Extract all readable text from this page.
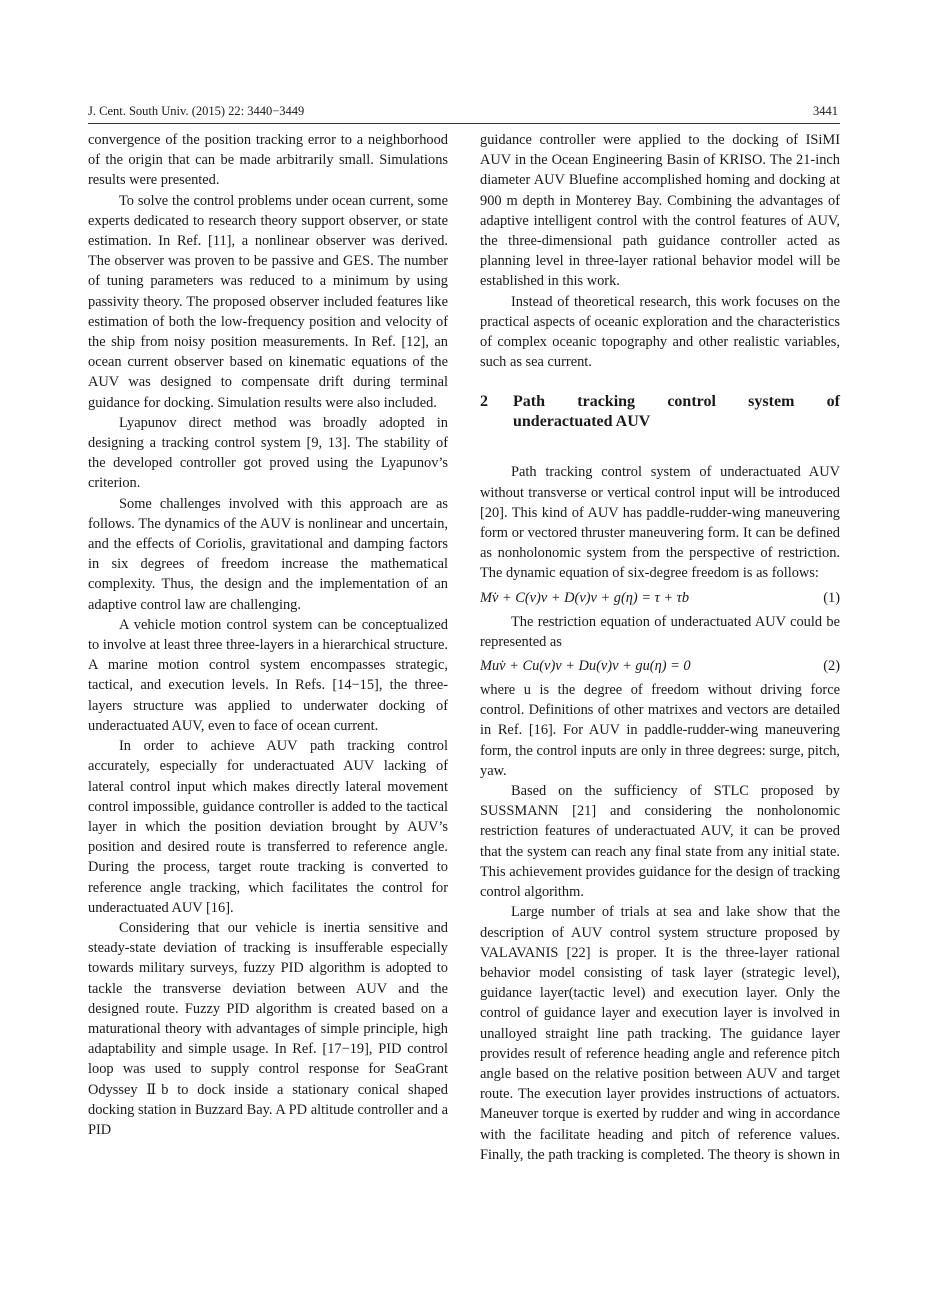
J. Cent. South Univ. (2015) 22: 3440−3449	3441

convergence of the position tracking error to a neighborhood of the origin that can be made arbitrarily small. Simulations results were presented.

To solve the control problems under ocean current, some experts dedicated to research theory support observer, or state estimation. In Ref. [11], a nonlinear observer was derived. The observer was proven to be passive and GES. The number of tuning parameters was reduced to a minimum by using passivity theory. The proposed observer included features like estimation of both the low-frequency position and velocity of the ship from noisy position measurements. In Ref. [12], an ocean current observer based on kinematic equations of the AUV was designed to compensate drift during terminal guidance for docking. Simulation results were also included.

Lyapunov direct method was broadly adopted in designing a tracking control system [9, 13]. The stability of the developed controller got proved using the Lyapunov’s criterion.

Some challenges involved with this approach are as follows. The dynamics of the AUV is nonlinear and uncertain, and the effects of Coriolis, gravitational and damping factors in six degrees of freedom increase the mathematical complexity. Thus, the design and the implementation of an adaptive control law are challenging.

A vehicle motion control system can be conceptualized to involve at least three three-layers in a hierarchical structure. A marine motion control system encompasses strategic, tactical, and execution levels. In Refs. [14−15], the three-layers structure was applied to underwater docking of underactuated AUV, even to face of ocean current.

In order to achieve AUV path tracking control accurately, especially for underactuated AUV lacking of lateral control input which makes directly lateral movement control impossible, guidance controller is added to the tactical layer in which the position deviation brought by AUV’s position and desired route is transferred to reference angle. During the process, target route tracking is converted to reference angle tracking, which facilitates the control for underactuated AUV [16].

Considering that our vehicle is inertia sensitive and steady-state deviation of tracking is insufferable especially towards military surveys, fuzzy PID algorithm is adopted to tackle the transverse deviation between AUV and the designed route. Fuzzy PID algorithm is created based on a maturational theory with advantages of simple principle, high adaptability and simple usage. In Ref. [17−19], PID control loop was used to supply control response for SeaGrant Odyssey Ⅱb to dock inside a stationary conical shaped docking station in Buzzard Bay. A PD altitude controller and a PID

guidance controller were applied to the docking of ISiMI AUV in the Ocean Engineering Basin of KRISO. The 21-inch diameter AUV Bluefine accomplished homing and docking at 900 m depth in Monterey Bay. Combining the advantages of adaptive intelligent control with the control features of AUV, the three-dimensional path guidance controller acted as planning level in three-layer rational behavior model will be established in this work.

Instead of theoretical research, this work focuses on the practical aspects of oceanic exploration and the characteristics of complex oceanic topography and other realistic variables, such as sea current.

2 Path tracking control system of
underactuated AUV

Path tracking control system of underactuated AUV without transverse or vertical control input will be introduced [20]. This kind of AUV has paddle-rudder-wing maneuvering form or vectored thruster maneuvering form. It can be defined as nonholonomic system from the perspective of restriction. The dynamic equation of six-degree freedom is as follows:

Mv̇ + C(v)v + D(v)v + g(η) = τ + τb	(1)

The restriction equation of underactuated AUV could be represented as

Muv̇ + Cu(v)v + Du(v)v + gu(η) = 0	(2)

where u is the degree of freedom without driving force control. Definitions of other matrixes and vectors are detailed in Ref. [16]. For AUV in paddle-rudder-wing maneuvering form, the control inputs are only in three degrees: surge, pitch, yaw.

Based on the sufficiency of STLC proposed by SUSSMANN [21] and considering the nonholonomic restriction features of underactuated AUV, it can be proved that the system can reach any final state from any initial state. This achievement provides guidance for the design of tracking control algorithm.

Large number of trials at sea and lake show that the description of AUV control system structure proposed by VALAVANIS [22] is proper. It is the three-layer rational behavior model consisting of task layer (strategic level), guidance layer(tactic level) and execution layer. Only the control of guidance layer and execution layer is involved in unalloyed straight line path tracking. The guidance layer provides result of reference heading angle and reference pitch angle based on the relative position between AUV and target route. The execution layer provides instructions of actuators. Maneuver torque is exerted by rudder and wing in accordance with the facilitate heading and pitch of reference values. Finally, the path tracking is completed. The theory is shown in
